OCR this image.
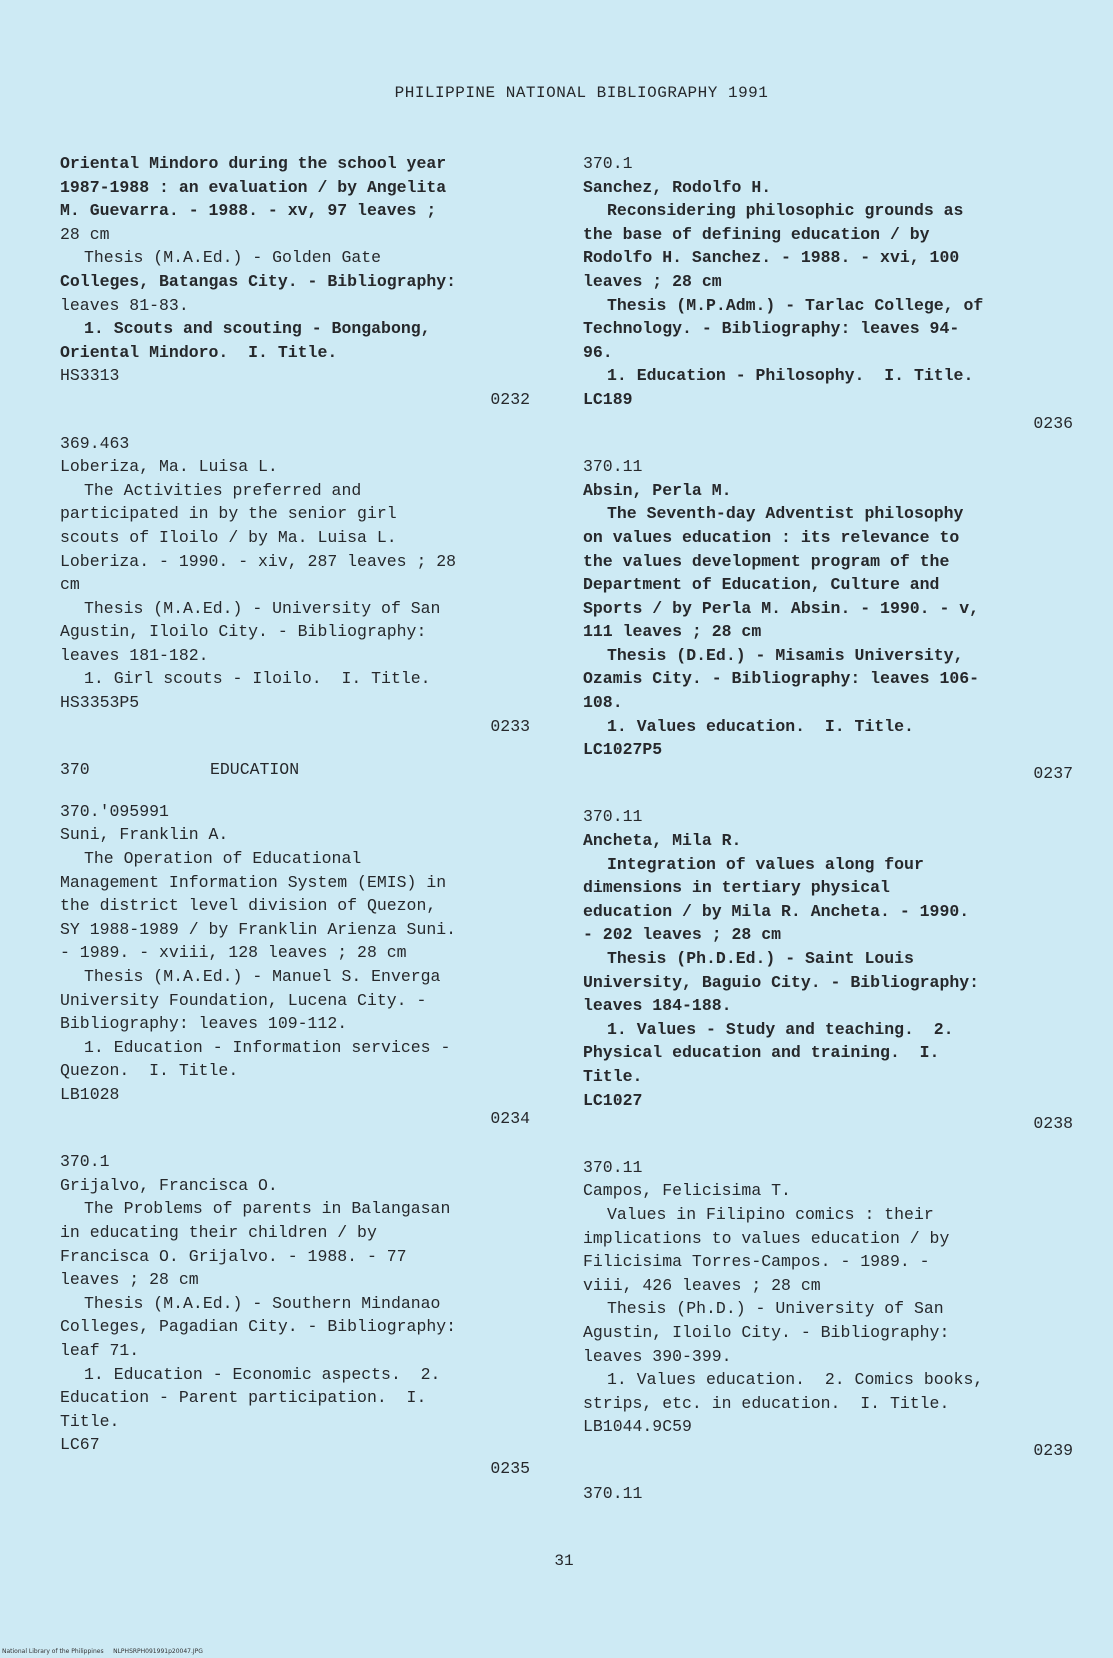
PHILIPPINE NATIONAL BIBLIOGRAPHY 1991
Oriental Mindoro during the school year
1987-1988 : an evaluation / by Angelita
M. Guevarra. - 1988. - xv, 97 leaves ;
28 cm
Thesis (M.A.Ed.) - Golden Gate
Colleges, Batangas City. - Bibliography:
leaves 81-83.
1. Scouts and scouting - Bongabong,
Oriental Mindoro.  I. Title.
HS3313
0232
369.463
Loberiza, Ma. Luisa L.
The Activities preferred and
participated in by the senior girl
scouts of Iloilo / by Ma. Luisa L.
Loberiza. - 1990. - xiv, 287 leaves ; 28
cm
Thesis (M.A.Ed.) - University of San
Agustin, Iloilo City. - Bibliography:
leaves 181-182.
1. Girl scouts - Iloilo.  I. Title.
HS3353P5
0233
370	EDUCATION
370.'095991
Suni, Franklin A.
The Operation of Educational
Management Information System (EMIS) in
the district level division of Quezon,
SY 1988-1989 / by Franklin Arienza Suni.
- 1989. - xviii, 128 leaves ; 28 cm
Thesis (M.A.Ed.) - Manuel S. Enverga
University Foundation, Lucena City. -
Bibliography: leaves 109-112.
1. Education - Information services -
Quezon.  I. Title.
LB1028
0234
370.1
Grijalvo, Francisca O.
The Problems of parents in Balangasan
in educating their children / by
Francisca O. Grijalvo. - 1988. - 77
leaves ; 28 cm
Thesis (M.A.Ed.) - Southern Mindanao
Colleges, Pagadian City. - Bibliography:
leaf 71.
1. Education - Economic aspects.  2.
Education - Parent participation.  I.
Title.
LC67
0235
370.1
Sanchez, Rodolfo H.
Reconsidering philosophic grounds as
the base of defining education / by
Rodolfo H. Sanchez. - 1988. - xvi, 100
leaves ; 28 cm
Thesis (M.P.Adm.) - Tarlac College, of
Technology. - Bibliography: leaves 94-
96.
1. Education - Philosophy.  I. Title.
LC189
0236
370.11
Absin, Perla M.
The Seventh-day Adventist philosophy
on values education : its relevance to
the values development program of the
Department of Education, Culture and
Sports / by Perla M. Absin. - 1990. - v,
111 leaves ; 28 cm
Thesis (D.Ed.) - Misamis University,
Ozamis City. - Bibliography: leaves 106-
108.
1. Values education.  I. Title.
LC1027P5
0237
370.11
Ancheta, Mila R.
Integration of values along four
dimensions in tertiary physical
education / by Mila R. Ancheta. - 1990.
- 202 leaves ; 28 cm
Thesis (Ph.D.Ed.) - Saint Louis
University, Baguio City. - Bibliography:
leaves 184-188.
1. Values - Study and teaching.  2.
Physical education and training.  I.
Title.
LC1027
0238
370.11
Campos, Felicisima T.
Values in Filipino comics : their
implications to values education / by
Filicisima Torres-Campos. - 1989. -
viii, 426 leaves ; 28 cm
Thesis (Ph.D.) - University of San
Agustin, Iloilo City. - Bibliography:
leaves 390-399.
1. Values education.  2. Comics books,
strips, etc. in education.  I. Title.
LB1044.9C59
0239
370.11
31
National Library of the Philippines     NLPHSRPH091991p20047.JPG
